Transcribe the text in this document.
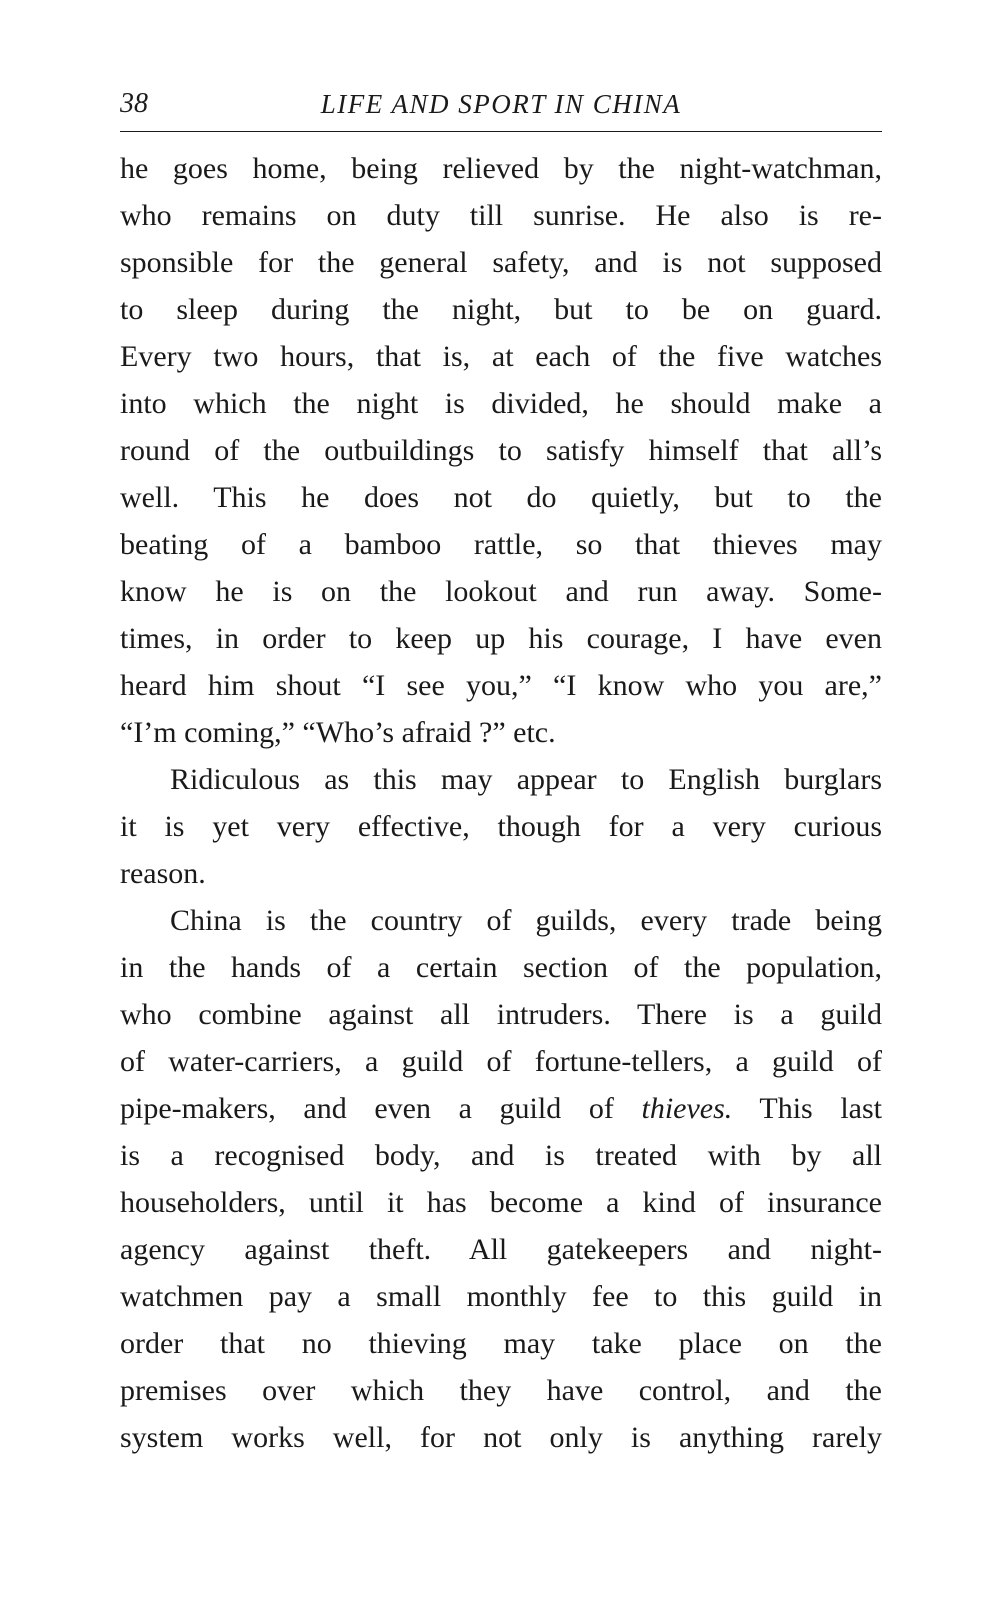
38	LIFE AND SPORT IN CHINA
he goes home, being relieved by the night-watchman,
who remains on duty till sunrise. He also is re-
sponsible for the general safety, and is not supposed
to sleep during the night, but to be on guard.
Every two hours, that is, at each of the five watches
into which the night is divided, he should make a
round of the outbuildings to satisfy himself that all’s
well. This he does not do quietly, but to the
beating of a bamboo rattle, so that thieves may
know he is on the lookout and run away. Some-
times, in order to keep up his courage, I have even
heard him shout “I see you,” “I know who you are,”
“I’m coming,” “Who’s afraid ?” etc.
Ridiculous as this may appear to English burglars
it is yet very effective, though for a very curious
reason.
China is the country of guilds, every trade being
in the hands of a certain section of the population,
who combine against all intruders. There is a guild
of water-carriers, a guild of fortune-tellers, a guild of
pipe-makers, and even a guild of thieves. This last
is a recognised body, and is treated with by all
householders, until it has become a kind of insurance
agency against theft. All gatekeepers and night-
watchmen pay a small monthly fee to this guild in
order that no thieving may take place on the
premises over which they have control, and the
system works well, for not only is anything rarely
